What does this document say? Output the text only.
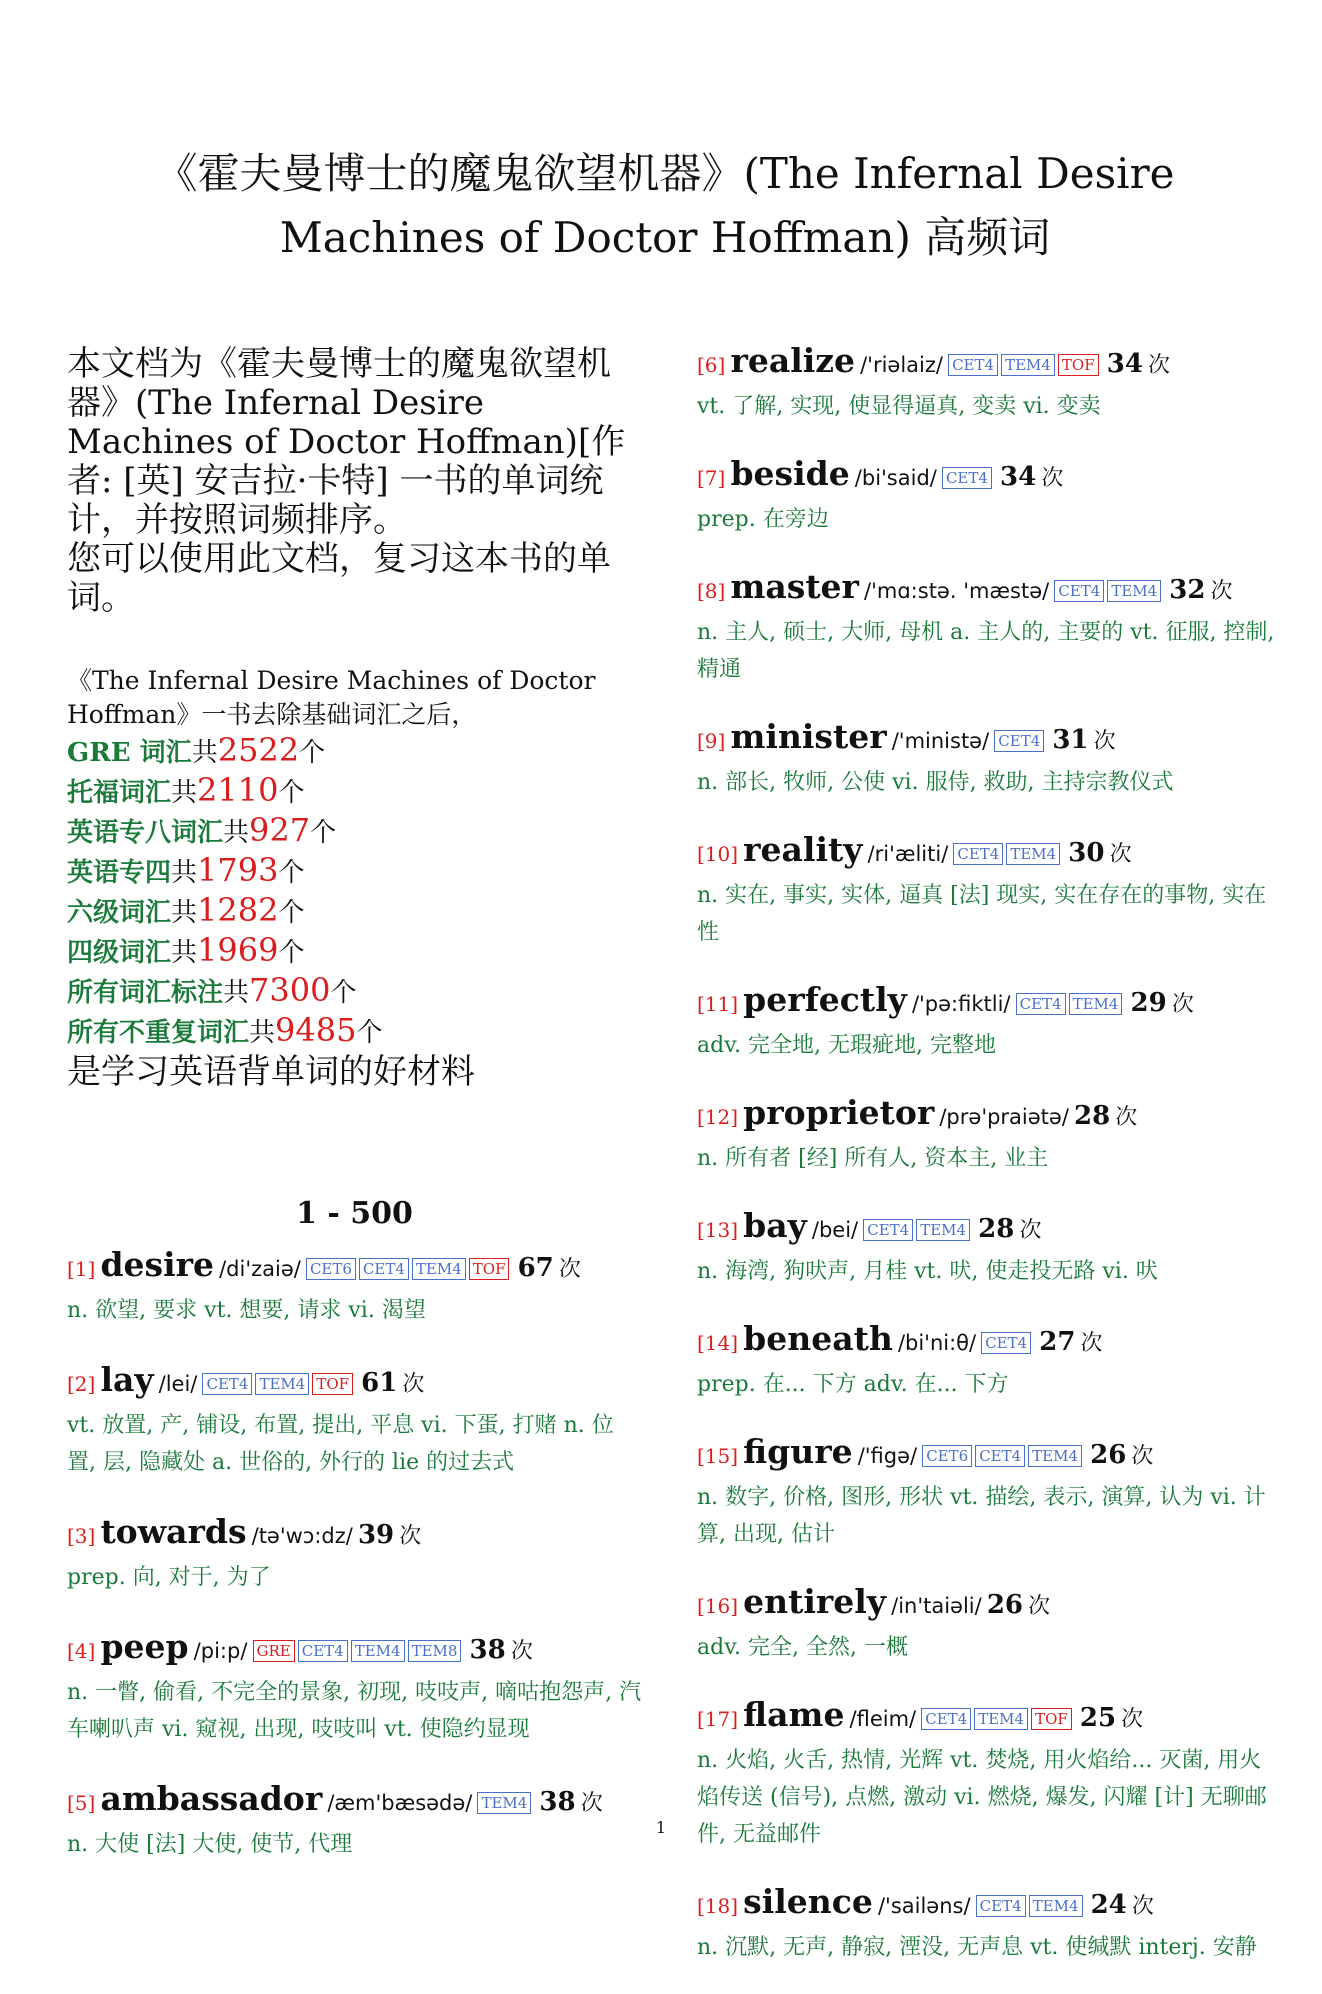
《霍夫曼博士的魔鬼欲望机器》(The Infernal Desire Machines of Doctor Hoffman) 高频词
本文档为《霍夫曼博士的魔鬼欲望机器》(The Infernal Desire Machines of Doctor Hoffman)[作者: [英] 安吉拉·卡特] 一书的单词统计，并按照词频排序。
您可以使用此文档，复习这本书的单词。
《The Infernal Desire Machines of Doctor Hoffman》一书去除基础词汇之后，
GRE 词汇共2522个
托福词汇共2110个
英语专八词汇共927个
英语专四共1793个
六级词汇共1282个
四级词汇共1969个
所有词汇标注共7300个
所有不重复词汇共9485个
是学习英语背单词的好材料
1 - 500
[1] desire /di'zaiə/ CET6 CET4 TEM4 TOF 67 次
n. 欲望, 要求 vt. 想要, 请求 vi. 渴望
[2] lay /lei/ CET4 TEM4 TOF 61 次
vt. 放置, 产, 铺设, 布置, 提出, 平息 vi. 下蛋, 打赌 n. 位置, 层, 隐藏处 a. 世俗的, 外行的 lie 的过去式
[3] towards /tə'wɔ:dz/ 39 次
prep. 向, 对于, 为了
[4] peep /pi:p/ GRE CET4 TEM4 TEM8 38 次
n. 一瞥, 偷看, 不完全的景象, 初现, 吱吱声, 嘀咕抱怨声, 汽车喇叭声 vi. 窥视, 出现, 吱吱叫 vt. 使隐约显现
[5] ambassador /æm'bæsədə/ TEM4 38 次
n. 大使 [法] 大使, 使节, 代理
[6] realize /'riəlaiz/ CET4 TEM4 TOF 34 次
vt. 了解, 实现, 使显得逼真, 变卖 vi. 变卖
[7] beside /bi'said/ CET4 34 次
prep. 在旁边
[8] master /'mɑ:stə. 'mæstə/ CET4 TEM4 32 次
n. 主人, 硕士, 大师, 母机 a. 主人的, 主要的 vt. 征服, 控制, 精通
[9] minister /'ministə/ CET4 31 次
n. 部长, 牧师, 公使 vi. 服侍, 救助, 主持宗教仪式
[10] reality /ri'æliti/ CET4 TEM4 30 次
n. 实在, 事实, 实体, 逼真 [法] 现实, 实在存在的事物, 实在性
[11] perfectly /'pə:fiktli/ CET4 TEM4 29 次
adv. 完全地, 无瑕疵地, 完整地
[12] proprietor /prə'praiətə/ 28 次
n. 所有者 [经] 所有人, 资本主, 业主
[13] bay /bei/ CET4 TEM4 28 次
n. 海湾, 狗吠声, 月桂 vt. 吠, 使走投无路 vi. 吠
[14] beneath /bi'ni:θ/ CET4 27 次
prep. 在... 下方 adv. 在... 下方
[15] figure /'figə/ CET6 CET4 TEM4 26 次
n. 数字, 价格, 图形, 形状 vt. 描绘, 表示, 演算, 认为 vi. 计算, 出现, 估计
[16] entirely /in'taiəli/ 26 次
adv. 完全, 全然, 一概
[17] flame /fleim/ CET4 TEM4 TOF 25 次
n. 火焰, 火舌, 热情, 光辉 vt. 焚烧, 用火焰给... 灭菌, 用火焰传送 (信号), 点燃, 激动 vi. 燃烧, 爆发, 闪耀 [计] 无聊邮件, 无益邮件
[18] silence /'sailəns/ CET4 TEM4 24 次
n. 沉默, 无声, 静寂, 湮没, 无声息 vt. 使缄默 interj. 安静
1
